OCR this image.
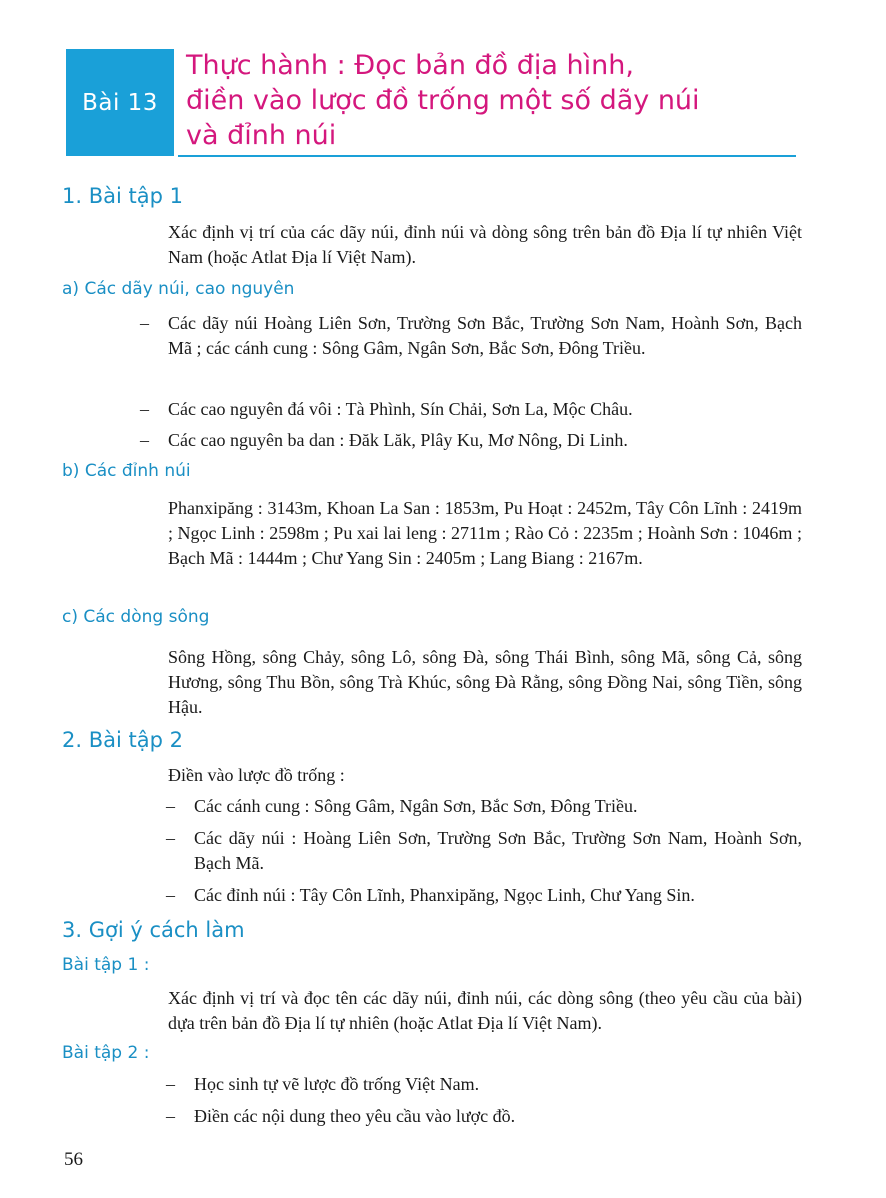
Bài 13
Thực hành : Đọc bản đồ địa hình,
điền vào lược đồ trống một số dãy núi
và đỉnh núi
1. Bài tập 1
Xác định vị trí của các dãy núi, đỉnh núi và dòng sông trên bản đồ Địa lí tự nhiên Việt Nam (hoặc Atlat Địa lí Việt Nam).
a) Các dãy núi, cao nguyên
– Các dãy núi Hoàng Liên Sơn, Trường Sơn Bắc, Trường Sơn Nam, Hoành Sơn, Bạch Mã ; các cánh cung : Sông Gâm, Ngân Sơn, Bắc Sơn, Đông Triều.
– Các cao nguyên đá vôi : Tà Phình, Sín Chải, Sơn La, Mộc Châu.
– Các cao nguyên ba dan : Đăk Lăk, Plây Ku, Mơ Nông, Di Linh.
b) Các đỉnh núi
Phanxipăng : 3143m, Khoan La San : 1853m, Pu Hoạt : 2452m, Tây Côn Lĩnh : 2419m ; Ngọc Linh : 2598m ; Pu xai lai leng : 2711m ; Rào Cỏ : 2235m ; Hoành Sơn : 1046m ; Bạch Mã : 1444m ; Chư Yang Sin : 2405m ; Lang Biang : 2167m.
c) Các dòng sông
Sông Hồng, sông Chảy, sông Lô, sông Đà, sông Thái Bình, sông Mã, sông Cả, sông Hương, sông Thu Bồn, sông Trà Khúc, sông Đà Rằng, sông Đồng Nai, sông Tiền, sông Hậu.
2. Bài tập 2
Điền vào lược đồ trống :
– Các cánh cung : Sông Gâm, Ngân Sơn, Bắc Sơn, Đông Triều.
– Các dãy núi : Hoàng Liên Sơn, Trường Sơn Bắc, Trường Sơn Nam, Hoành Sơn, Bạch Mã.
– Các đỉnh núi : Tây Côn Lĩnh, Phanxipăng, Ngọc Linh, Chư Yang Sin.
3. Gợi ý cách làm
Bài tập 1 :
Xác định vị trí và đọc tên các dãy núi, đỉnh núi, các dòng sông (theo yêu cầu của bài) dựa trên bản đồ Địa lí tự nhiên (hoặc Atlat Địa lí Việt Nam).
Bài tập 2 :
– Học sinh tự vẽ lược đồ trống Việt Nam.
– Điền các nội dung theo yêu cầu vào lược đồ.
56
